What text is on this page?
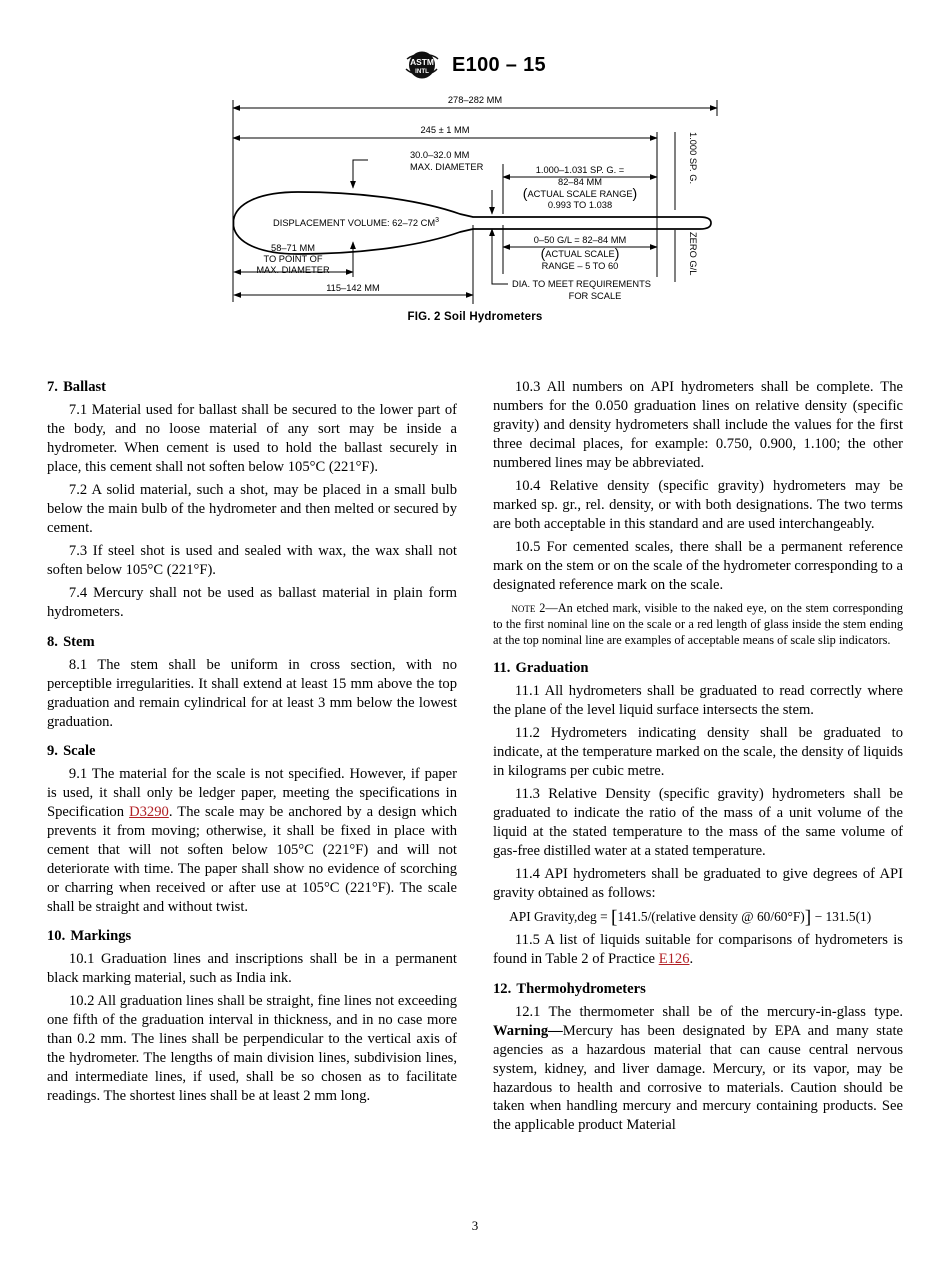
ASTM
INTL E100 – 15
278–282 MM
245 ± 1 MM
30.0–32.0 MM
MAX. DIAMETER
DISPLACEMENT VOLUME: 62–72 $CM^3$
58–71 MM
TO POINT OF
MAX. DIAMETER
115–142 MM
1.000–1.031 SP. G. =
82–84 MM
(ACTUAL SCALE RANGE)
0.993 TO 1.038
0–50 G/L = 82–84 MM
(ACTUAL SCALE)
RANGE – 5 TO 60
DIA. TO MEET REQUIREMENTS
FOR SCALE
1.000 SP. G.
ZERO G/L
FIG. 2 Soil Hydrometers
7. Ballast

7.1 Material used for ballast shall be secured to the lower part of the body, and no loose material of any sort may be inside a hydrometer. When cement is used to hold the ballast securely in place, this cement shall not soften below 105°C (221°F).

7.2 A solid material, such a shot, may be placed in a small bulb below the main bulb of the hydrometer and then melted or secured by cement.

7.3 If steel shot is used and sealed with wax, the wax shall not soften below 105°C (221°F).

7.4 Mercury shall not be used as ballast material in plain form hydrometers.

8. Stem

8.1 The stem shall be uniform in cross section, with no perceptible irregularities. It shall extend at least 15 mm above the top graduation and remain cylindrical for at least 3 mm below the lowest graduation.

9. Scale

9.1 The material for the scale is not specified. However, if paper is used, it shall only be ledger paper, meeting the specifications in Specification D3290. The scale may be anchored by a design which prevents it from moving; otherwise, it shall be fixed in place with cement that will not soften below 105°C (221°F) and will not deteriorate with time. The paper shall show no evidence of scorching or charring when received or after use at 105°C (221°F). The scale shall be straight and without twist.

10. Markings

10.1 Graduation lines and inscriptions shall be in a permanent black marking material, such as India ink.

10.2 All graduation lines shall be straight, fine lines not exceeding one fifth of the graduation interval in thickness, and in no case more than 0.2 mm. The lines shall be perpendicular to the vertical axis of the hydrometer. The lengths of main division lines, subdivision lines, and intermediate lines, if used, shall be so chosen as to facilitate readings. The shortest lines shall be at least 2 mm long.

10.3 All numbers on API hydrometers shall be complete. The numbers for the 0.050 graduation lines on relative density (specific gravity) and density hydrometers shall include the values for the first three decimal places, for example: 0.750, 0.900, 1.100; the other numbered lines may be abbreviated.

10.4 Relative density (specific gravity) hydrometers may be marked sp. gr., rel. density, or with both designations. The two terms are both acceptable in this standard and are used interchangeably.

10.5 For cemented scales, there shall be a permanent reference mark on the stem or on the scale of the hydrometer corresponding to a designated reference mark on the scale.

note 2—An etched mark, visible to the naked eye, on the stem corresponding to the first nominal line on the scale or a red length of glass inside the stem ending at the top nominal line are examples of acceptable means of scale slip indicators.

11. Graduation

11.1 All hydrometers shall be graduated to read correctly where the plane of the level liquid surface intersects the stem.

11.2 Hydrometers indicating density shall be graduated to indicate, at the temperature marked on the scale, the density of liquids in kilograms per cubic metre.

11.3 Relative Density (specific gravity) hydrometers shall be graduated to indicate the ratio of the mass of a unit volume of the liquid at the stated temperature to the mass of the same volume of gas-free distilled water at a stated temperature.

11.4 API hydrometers shall be graduated to give degrees of API gravity obtained as follows:

API Gravity,deg = [141.5/(relative density @ 60/60°F)] − 131.5(1)

11.5 A list of liquids suitable for comparisons of hydrometers is found in Table 2 of Practice E126.

12. Thermohydrometers

12.1 The thermometer shall be of the mercury-in-glass type. Warning—Mercury has been designated by EPA and many state agencies as a hazardous material that can cause central nervous system, kidney, and liver damage. Mercury, or its vapor, may be hazardous to health and corrosive to materials. Caution should be taken when handling mercury and mercury containing products. See the applicable product Material

3
